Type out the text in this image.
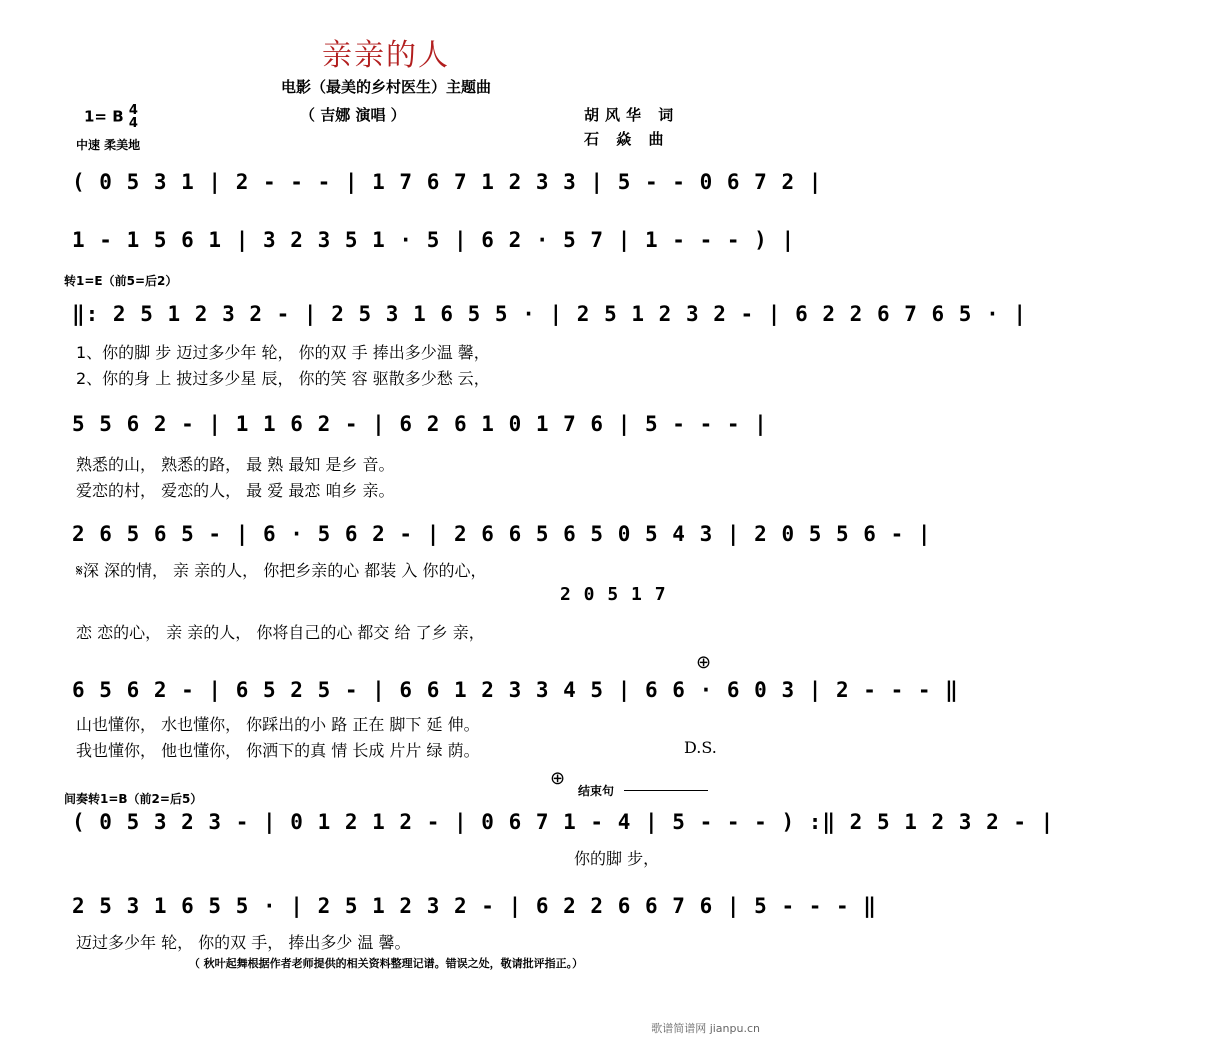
亲亲的人
电影（最美的乡村医生）主题曲
（ 吉娜 演唱 ）	胡风华 词
石 焱 曲
1= B 4
4
中速 柔美地
( 0 5 3 1 | 2 - - - | 1 7 6 7 1 2 3 3 | 5 - - 0 6 7 2 |
1 - 1 5 6 1 | 3 2 3 5 1 · 5 | 6 2 · 5 7 | 1 - - - ) |
转1=E（前5=后2）
‖: 2 5 1 2 3 2 - | 2 5 3 1 6 5 5 · | 2 5 1 2 3 2 - | 6 2 2 6 7 6 5 · |
1、你的脚 步 迈过多少年 轮， 你的双 手 捧出多少温 馨，
2、你的身 上 披过多少星 辰， 你的笑 容 驱散多少愁 云，
5 5 6 2 - | 1 1 6 2 - | 6 2 6 1 0 1 7 6 | 5 - - - |
熟悉的山， 熟悉的路， 最 熟 最知 是乡 音。
爱恋的村， 爱恋的人， 最 爱 最恋 咱乡 亲。
2 6 5 6 5 - | 6 · 5 6 2 - | 2 6 6 5 6 5 0 5 4 3 | 2 0 5 5 6 - |
𝄋深 深的情， 亲 亲的人， 你把乡亲的心 都装 入 你的心，
2 0 5 1 7
恋 恋的心， 亲 亲的人， 你将自己的心 都交 给 了乡 亲，
⊕
6 5 6 2 - | 6 5 2 5 - | 6 6 1 2 3 3 4 5 | 6 6 · 6 0 3 | 2 - - - ‖
山也懂你， 水也懂你， 你踩出的小 路 正在 脚下 延 伸。
我也懂你， 他也懂你， 你洒下的真 情 长成 片片 绿 荫。	D.S.
间奏转1=B（前2=后5）
⊕
结束句
( 0 5 3 2 3 - | 0 1 2 1 2 - | 0 6 7 1 - 4 | 5 - - - ) :‖ 2 5 1 2 3 2 - |
你的脚 步，
2 5 3 1 6 5 5 · | 2 5 1 2 3 2 - | 6 2 2 6 6 7 6 | 5 - - - ‖
迈过多少年 轮， 你的双 手， 捧出多少 温 馨。
（ 秋叶起舞根据作者老师提供的相关资料整理记谱。错误之处，敬请批评指正。）
歌谱简谱网 jianpu.cn
